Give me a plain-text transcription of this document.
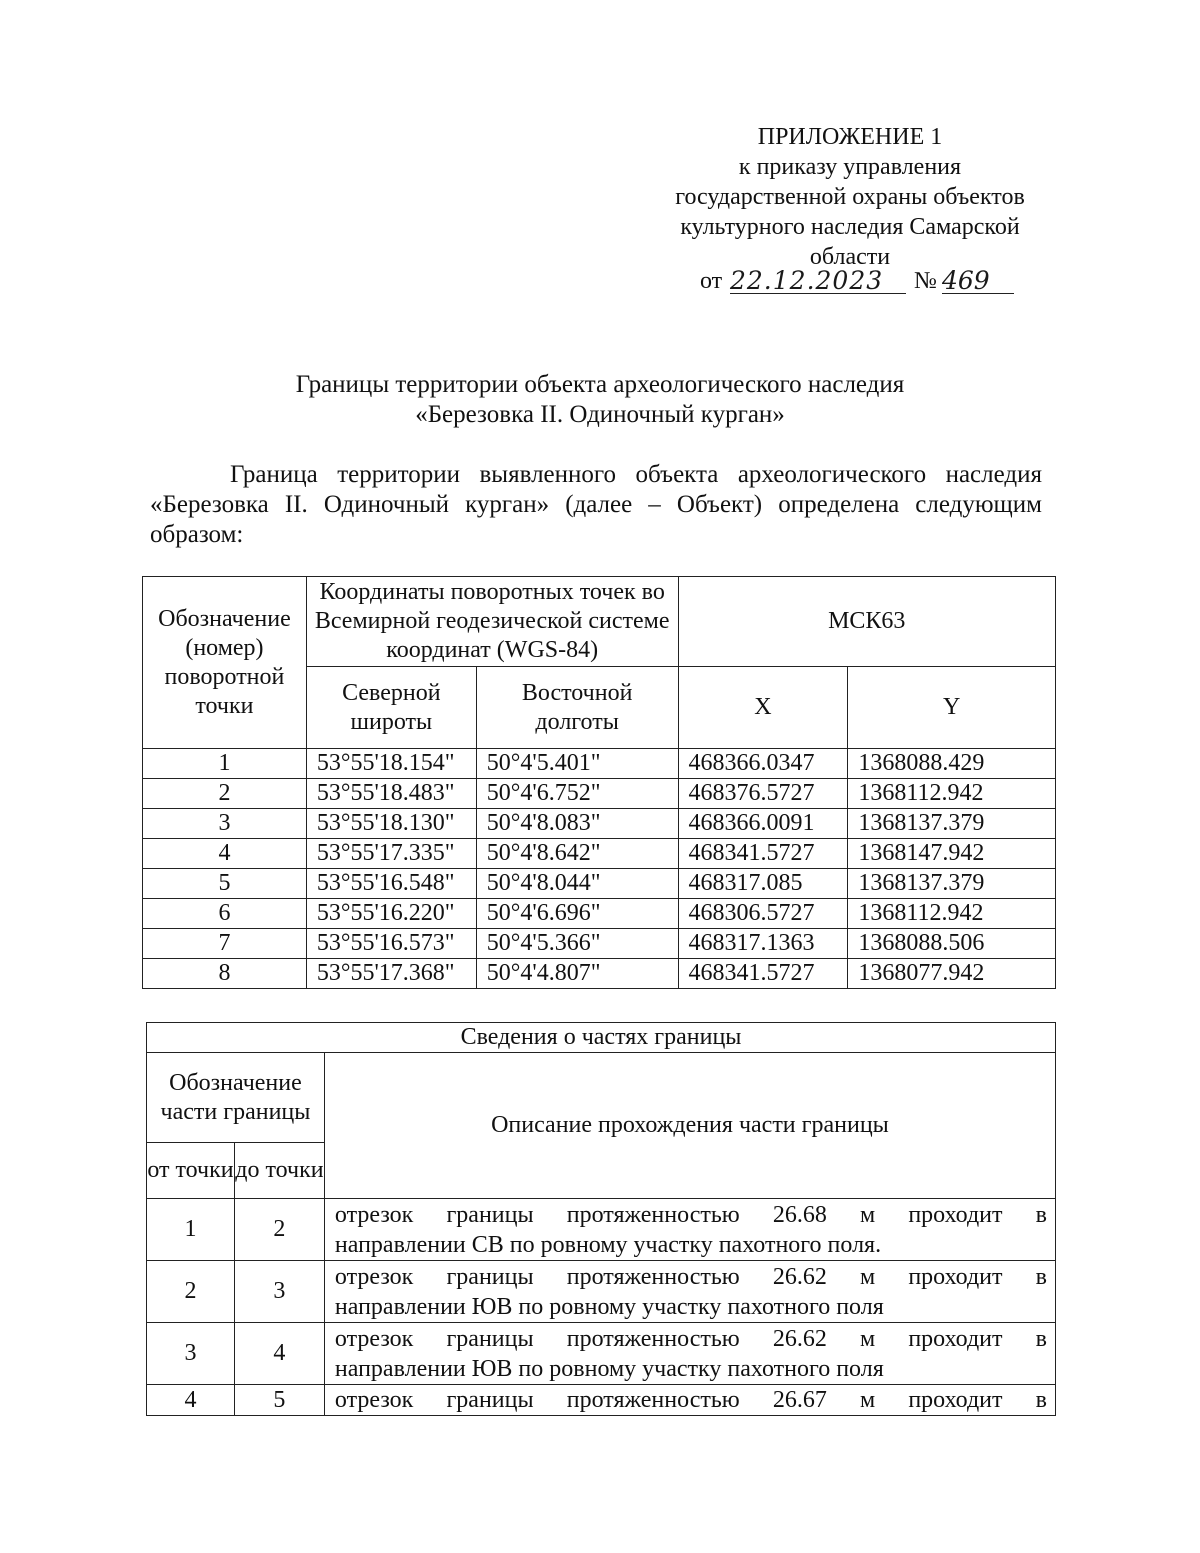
ПРИЛОЖЕНИЕ 1
к приказу управления
государственной охраны объектов
культурного наследия Самарской
области
от 22.12.2023	№ 469
Границы территории объекта археологического наследия
«Березовка II. Одиночный курган»
Граница территории выявленного объекта археологического наследия «Березовка II. Одиночный курган» (далее – Объект) определена следующим образом:
Обозначение (номер) поворотной точки	Координаты поворотных точек во Всемирной геодезической системе координат (WGS-84)		МСК63	
	Северной широты	Восточной долготы	X	Y
1	53°55'18.154"	50°4'5.401"	468366.0347	1368088.429
2	53°55'18.483"	50°4'6.752"	468376.5727	1368112.942
3	53°55'18.130"	50°4'8.083"	468366.0091	1368137.379
4	53°55'17.335"	50°4'8.642"	468341.5727	1368147.942
5	53°55'16.548"	50°4'8.044"	468317.085	1368137.379
6	53°55'16.220"	50°4'6.696"	468306.5727	1368112.942
7	53°55'16.573"	50°4'5.366"	468317.1363	1368088.506
8	53°55'17.368"	50°4'4.807"	468341.5727	1368077.942
Сведения о частях границы		
Обозначение части границы		Описание прохождения части границы
от точки	до точки	
1	2	отрезок границы протяженностью 26.68 м проходит в
направлении СВ по ровному участку пахотного поля.

2	3	отрезок границы протяженностью 26.62 м проходит в
направлении ЮВ по ровному участку пахотного поля

3	4	отрезок границы протяженностью 26.62 м проходит в
направлении ЮВ по ровному участку пахотного поля

4	5	отрезок границы протяженностью 26.67 м проходит в
